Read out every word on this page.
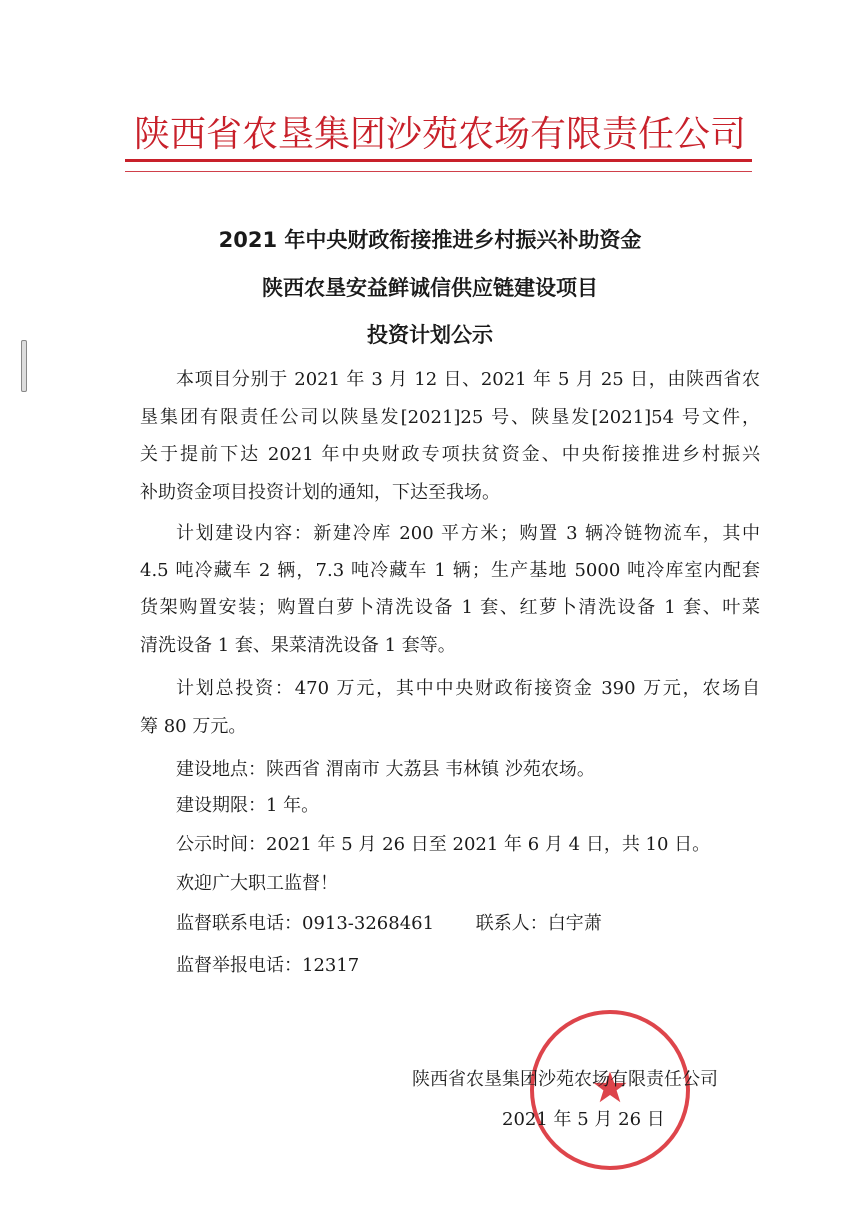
陕西省农垦集团沙苑农场有限责任公司
2021 年中央财政衔接推进乡村振兴补助资金
陕西农垦安益鲜诚信供应链建设项目
投资计划公示
本项目分别于 2021 年 3 月 12 日、2021 年 5 月 25 日，由陕西省农
垦集团有限责任公司以陕垦发[2021]25 号、陕垦发[2021]54 号文件，
关于提前下达 2021 年中央财政专项扶贫资金、中央衔接推进乡村振兴
补助资金项目投资计划的通知，下达至我场。
计划建设内容：新建冷库 200 平方米；购置 3 辆冷链物流车，其中
4.5 吨冷藏车 2 辆，7.3 吨冷藏车 1 辆；生产基地 5000 吨冷库室内配套
货架购置安装；购置白萝卜清洗设备 1 套、红萝卜清洗设备 1 套、叶菜
清洗设备 1 套、果菜清洗设备 1 套等。
计划总投资：470 万元，其中中央财政衔接资金 390 万元，农场自
筹 80 万元。
建设地点：陕西省 渭南市 大荔县 韦林镇 沙苑农场。
建设期限：1 年。
公示时间：2021 年 5 月 26 日至 2021 年 6 月 4 日，共 10 日。
欢迎广大职工监督！
监督联系电话：0913-3268461　　 联系人：白宇萧
监督举报电话：12317
陕西省农垦集团沙苑农场有限责任公司
2021 年 5 月 26 日
